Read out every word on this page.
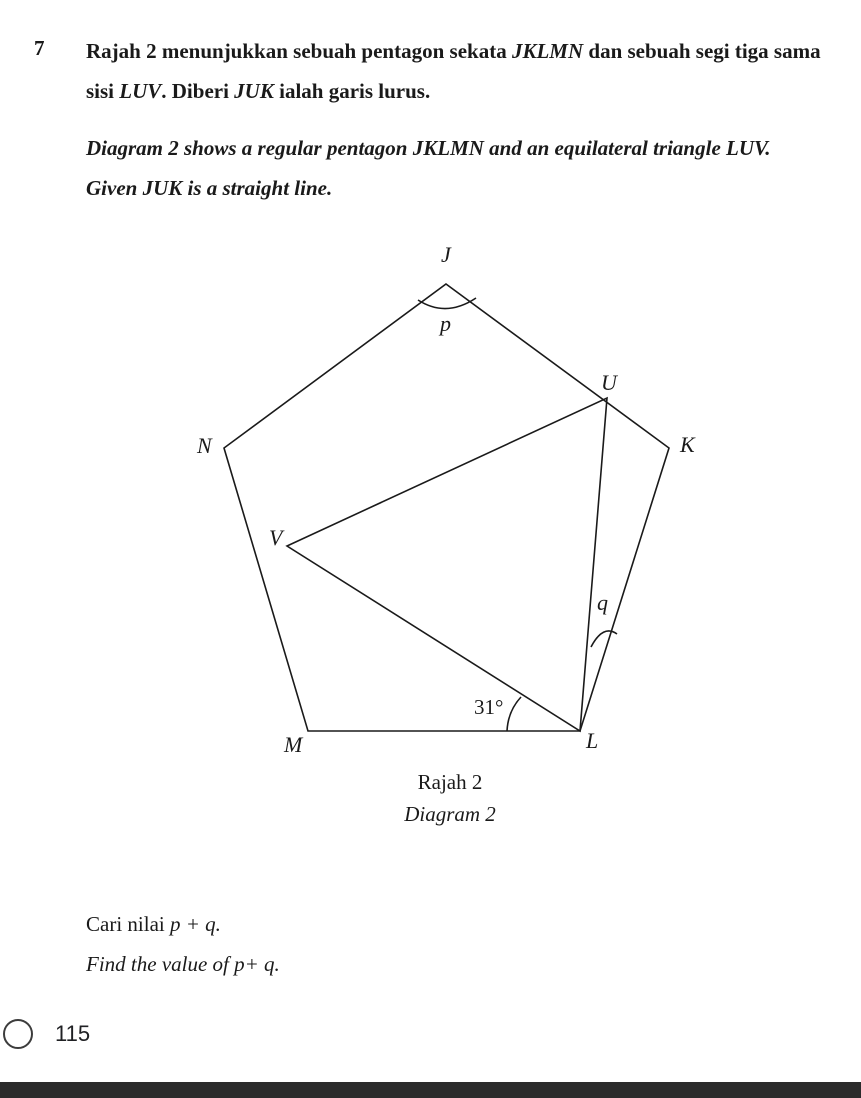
7 Rajah 2 menunjukkan sebuah pentagon sekata JKLMN dan sebuah segi tiga sama sisi LUV. Diberi JUK ialah garis lurus.
Diagram 2 shows a regular pentagon JKLMN and an equilateral triangle LUV.
Given JUK is a straight line.
J
p
U
N	K
V
q
31°
M	L
Rajah 2
Diagram 2
Cari nilai p + q.
Find the value of p+ q.
115
